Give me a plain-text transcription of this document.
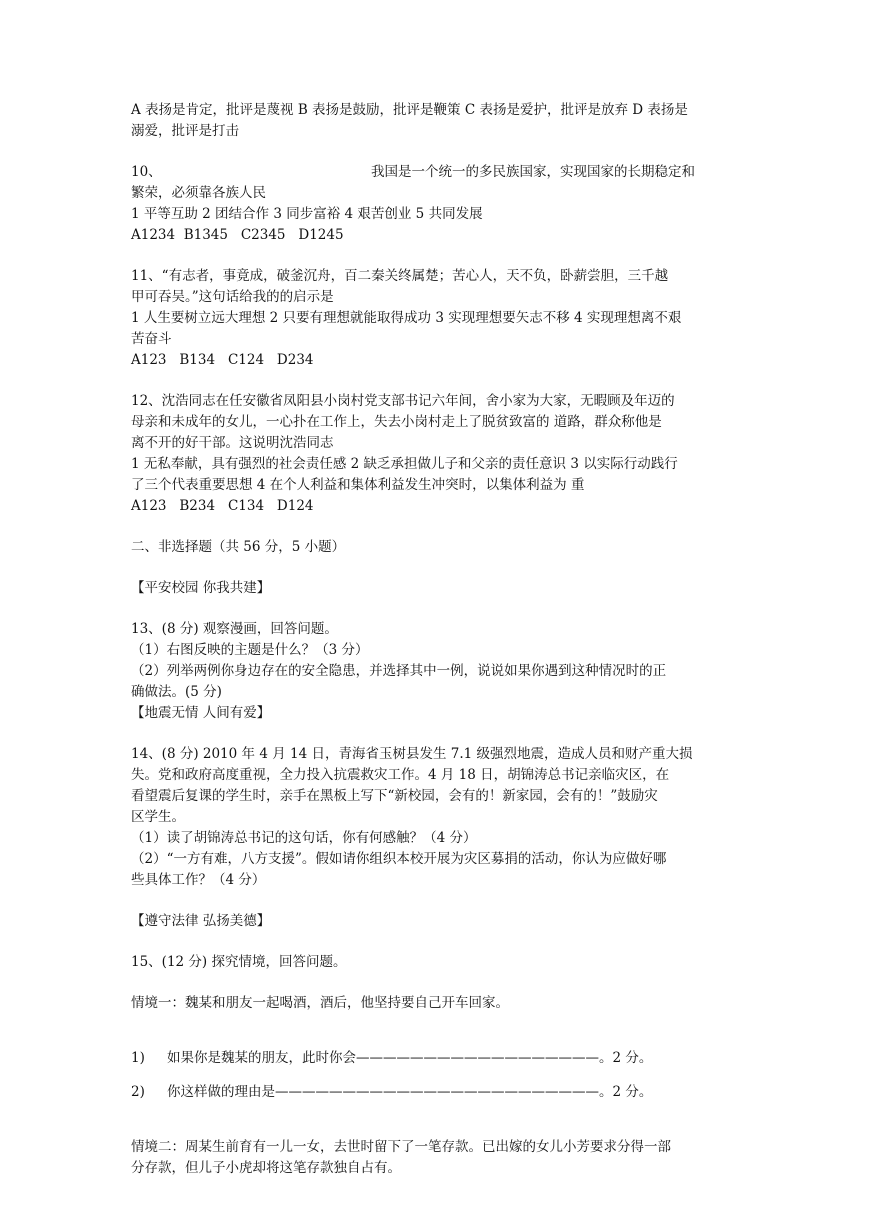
A 表扬是肯定，批评是蔑视 B 表扬是鼓励，批评是鞭策 C 表扬是爱护，批评是放弃 D 表扬是

溺爱，批评是打击

10、	我国是一个统一的多民族国家，实现国家的长期稳定和

繁荣，必须靠各族人民

1 平等互助 2 团结合作 3 同步富裕 4 艰苦创业 5 共同发展

A1234  B1345   C2345   D1245

11、“有志者，事竟成，破釜沉舟，百二秦关终属楚；苦心人，天不负，卧薪尝胆，三千越

甲可吞吴。”这句话给我的的启示是

1 人生要树立远大理想 2 只要有理想就能取得成功 3 实现理想要矢志不移 4 实现理想离不艰

苦奋斗

A123   B134   C124   D234

12、沈浩同志在任安徽省凤阳县小岗村党支部书记六年间，舍小家为大家，无暇顾及年迈的

母亲和未成年的女儿，一心扑在工作上，失去小岗村走上了脱贫致富的 道路，群众称他是

离不开的好干部。这说明沈浩同志

1 无私奉献，具有强烈的社会责任感 2 缺乏承担做儿子和父亲的责任意识 3 以实际行动践行

了三个代表重要思想 4 在个人利益和集体利益发生冲突时，以集体利益为 重

A123   B234   C134   D124

二、非选择题（共 56 分，5 小题）

【平安校园 你我共建】

13、(8 分) 观察漫画，回答问题。

（1）右图反映的主题是什么？（3 分）

（2）列举两例你身边存在的安全隐患，并选择其中一例，说说如果你遇到这种情况时的正

确做法。(5 分)

【地震无情 人间有爱】

14、(8 分) 2010 年 4 月 14 日，青海省玉树县发生 7.1 级强烈地震，造成人员和财产重大损

失。党和政府高度重视，全力投入抗震救灾工作。4 月 18 日，胡锦涛总书记亲临灾区，在

看望震后复课的学生时，亲手在黑板上写下“新校园，会有的！新家园，会有的！”鼓励灾

区学生。

（1）读了胡锦涛总书记的这句话，你有何感触？（4 分）

（2）“一方有难，八方支援”。假如请你组织本校开展为灾区募捐的活动，你认为应做好哪

些具体工作？（4 分）

【遵守法律 弘扬美德】

15、(12 分) 探究情境，回答问题。

情境一：魏某和朋友一起喝酒，酒后，他坚持要自己开车回家。

1) 如果你是魏某的朋友，此时你会——————————————————。2 分。

2) 你这样做的理由是————————————————————————。2 分。

情境二：周某生前育有一儿一女，去世时留下了一笔存款。已出嫁的女儿小芳要求分得一部

分存款，但儿子小虎却将这笔存款独自占有。
